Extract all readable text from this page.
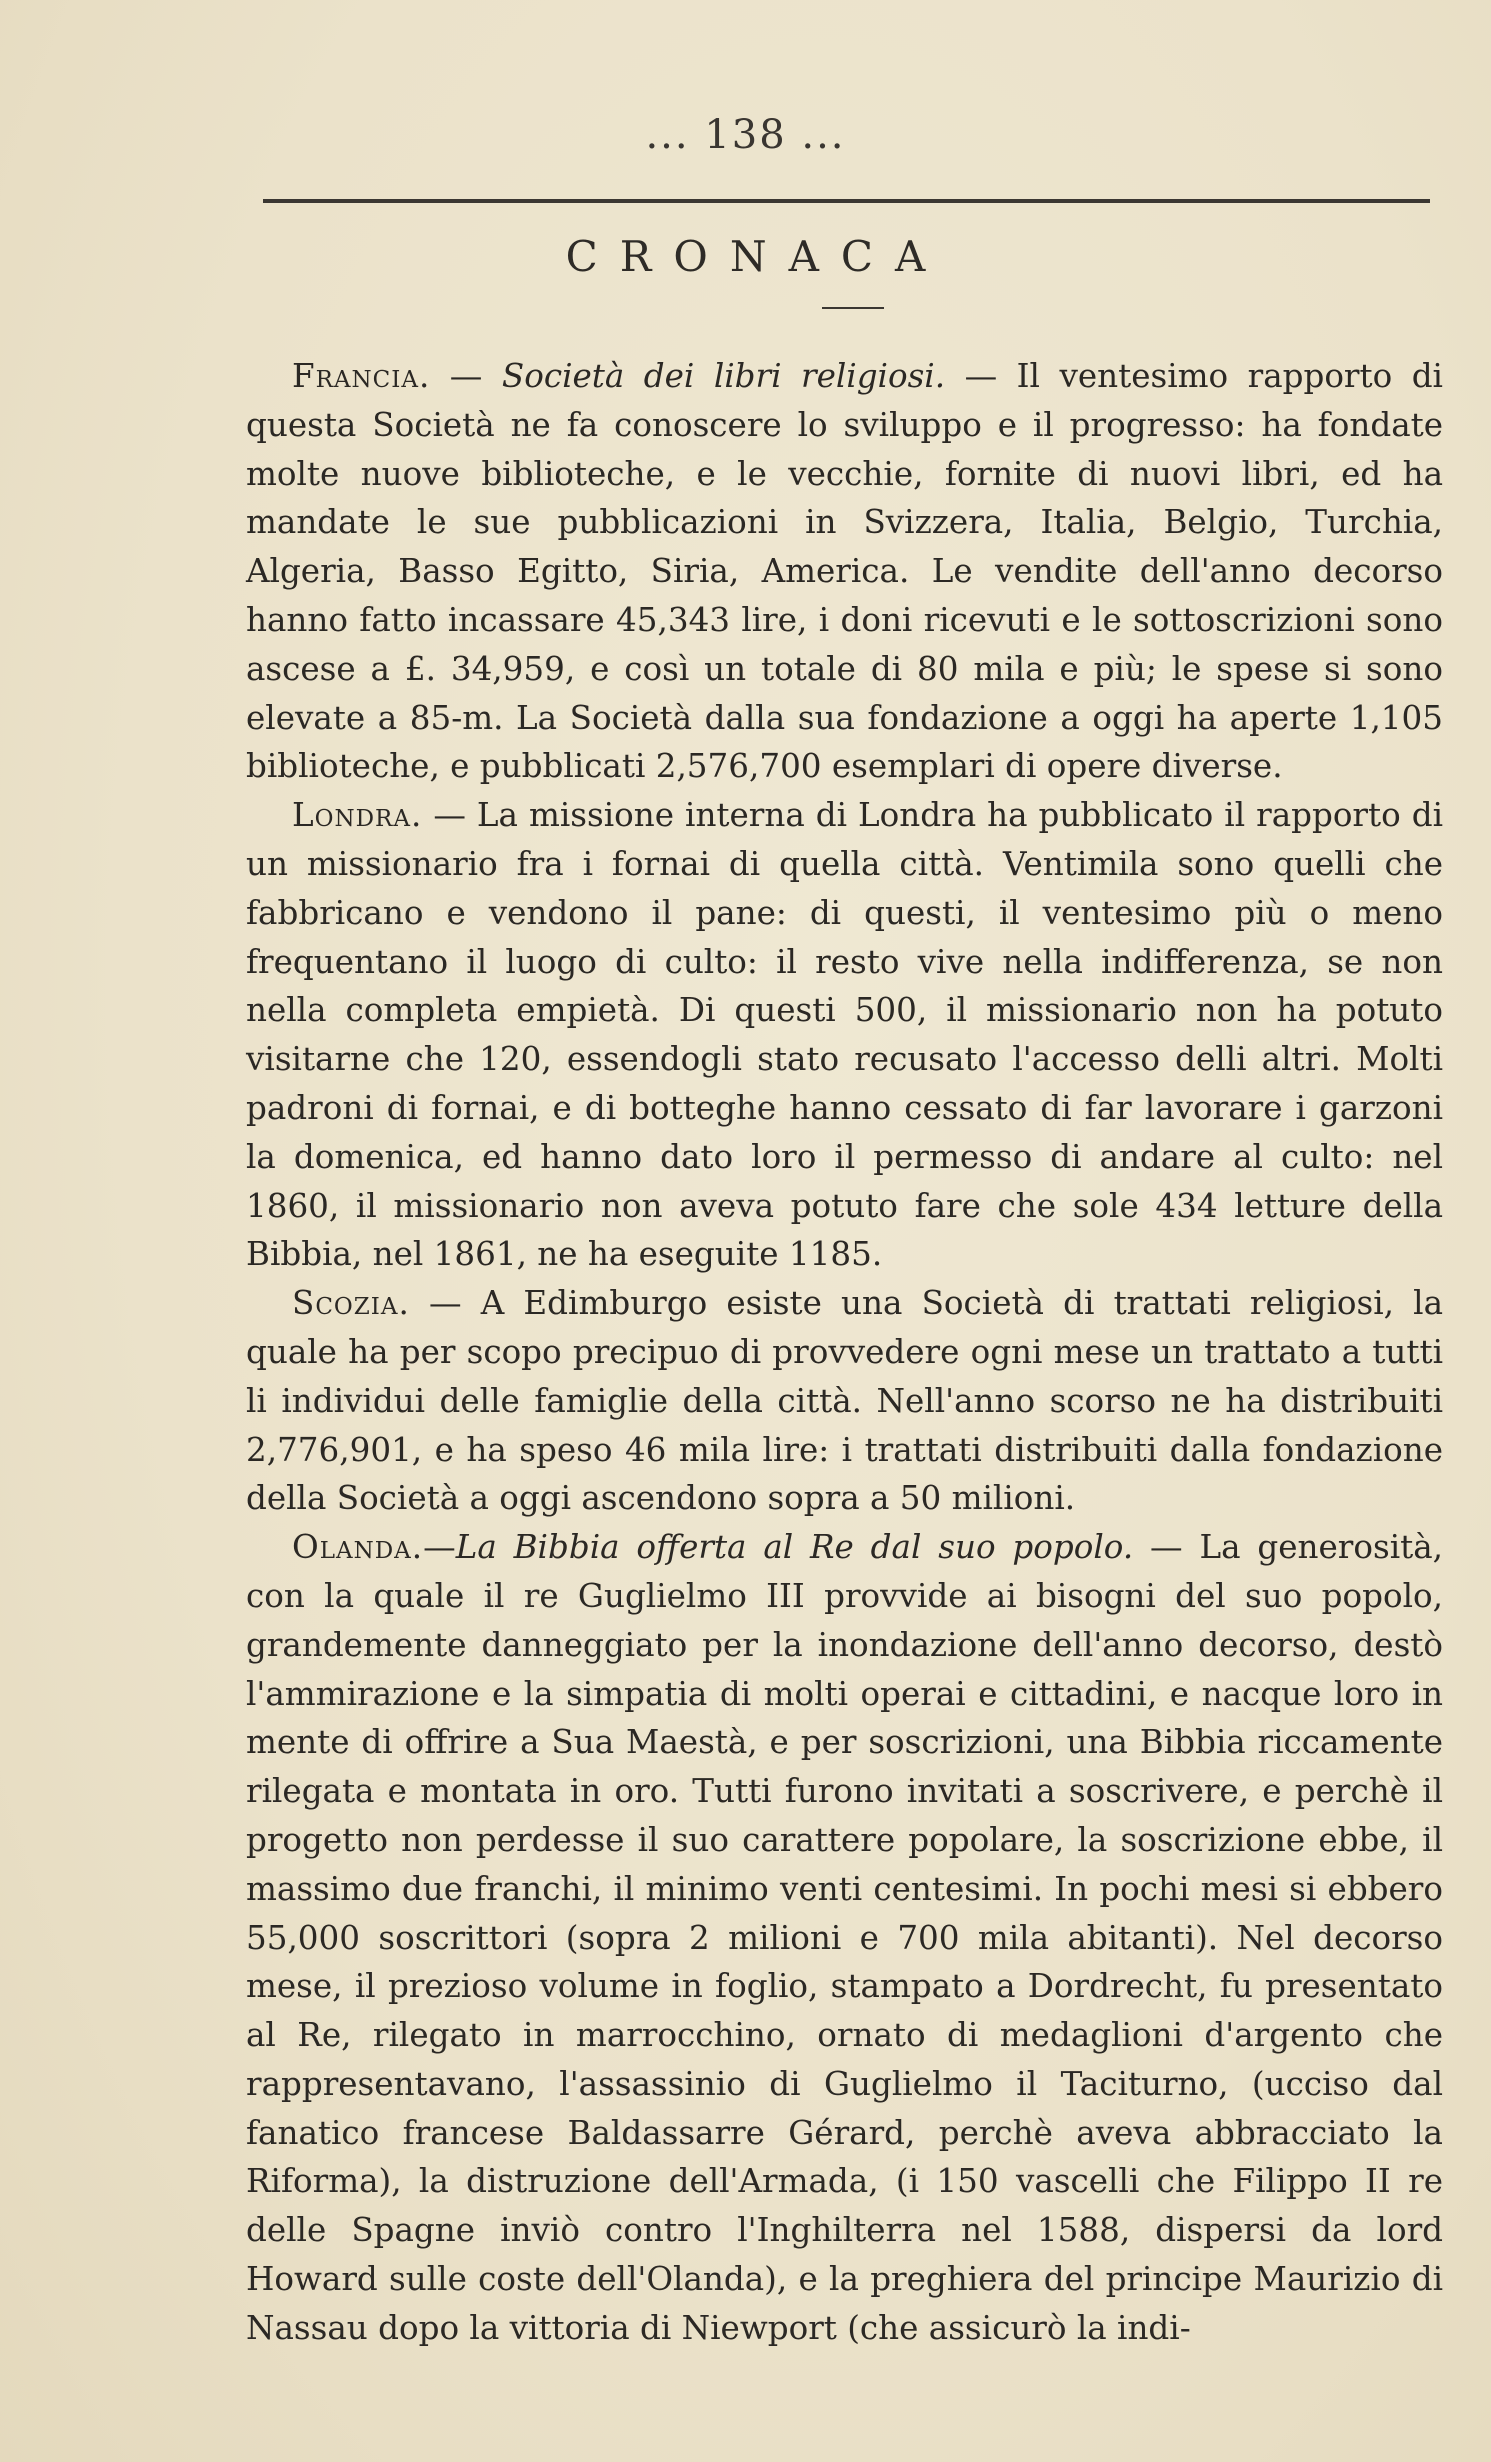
... 138 ...
CRONACA

Francia. — Società dei libri religiosi. — Il ventesimo rapporto di questa Società ne fa conoscere lo sviluppo e il progresso: ha fondate molte nuove biblioteche, e le vecchie, fornite di nuovi libri, ed ha mandate le sue pubblicazioni in Svizzera, Italia, Belgio, Turchia, Algeria, Basso Egitto, Siria, America. Le vendite dell'anno decorso hanno fatto incassare 45,343 lire, i doni ricevuti e le sottoscrizioni sono ascese a £. 34,959, e così un totale di 80 mila e più; le spese si sono elevate a 85-m. La Società dalla sua fondazione a oggi ha aperte 1,105 biblioteche, e pubblicati 2,576,700 esemplari di opere diverse.

Londra. — La missione interna di Londra ha pubblicato il rapporto di un missionario fra i fornai di quella città. Ventimila sono quelli che fabbricano e vendono il pane: di questi, il ventesimo più o meno frequentano il luogo di culto: il resto vive nella indifferenza, se non nella completa empietà. Di questi 500, il missionario non ha potuto visitarne che 120, essendogli stato recusato l'accesso delli altri. Molti padroni di fornai, e di botteghe hanno cessato di far lavorare i garzoni la domenica, ed hanno dato loro il permesso di andare al culto: nel 1860, il missionario non aveva potuto fare che sole 434 letture della Bibbia, nel 1861, ne ha eseguite 1185.

Scozia. — A Edimburgo esiste una Società di trattati religiosi, la quale ha per scopo precipuo di provvedere ogni mese un trattato a tutti li individui delle famiglie della città. Nell'anno scorso ne ha distribuiti 2,776,901, e ha speso 46 mila lire: i trattati distribuiti dalla fondazione della Società a oggi ascendono sopra a 50 milioni.

Olanda.—La Bibbia offerta al Re dal suo popolo. — La generosità, con la quale il re Guglielmo III provvide ai bisogni del suo popolo, grandemente danneggiato per la inondazione dell'anno decorso, destò l'ammirazione e la simpatia di molti operai e cittadini, e nacque loro in mente di offrire a Sua Maestà, e per soscrizioni, una Bibbia riccamente rilegata e montata in oro. Tutti furono invitati a soscrivere, e perchè il progetto non perdesse il suo carattere popolare, la soscrizione ebbe, il massimo due franchi, il minimo venti centesimi. In pochi mesi si ebbero 55,000 soscrittori (sopra 2 milioni e 700 mila abitanti). Nel decorso mese, il prezioso volume in foglio, stampato a Dordrecht, fu presentato al Re, rilegato in marrocchino, ornato di medaglioni d'argento che rappresentavano, l'assassinio di Guglielmo il Taciturno, (ucciso dal fanatico francese Baldassarre Gérard, perchè aveva abbracciato la Riforma), la distruzione dell'Armada, (i 150 vascelli che Filippo II re delle Spagne inviò contro l'Inghilterra nel 1588, dispersi da lord Howard sulle coste dell'Olanda), e la preghiera del principe Maurizio di Nassau dopo la vittoria di Niewport (che assicurò la indi-
